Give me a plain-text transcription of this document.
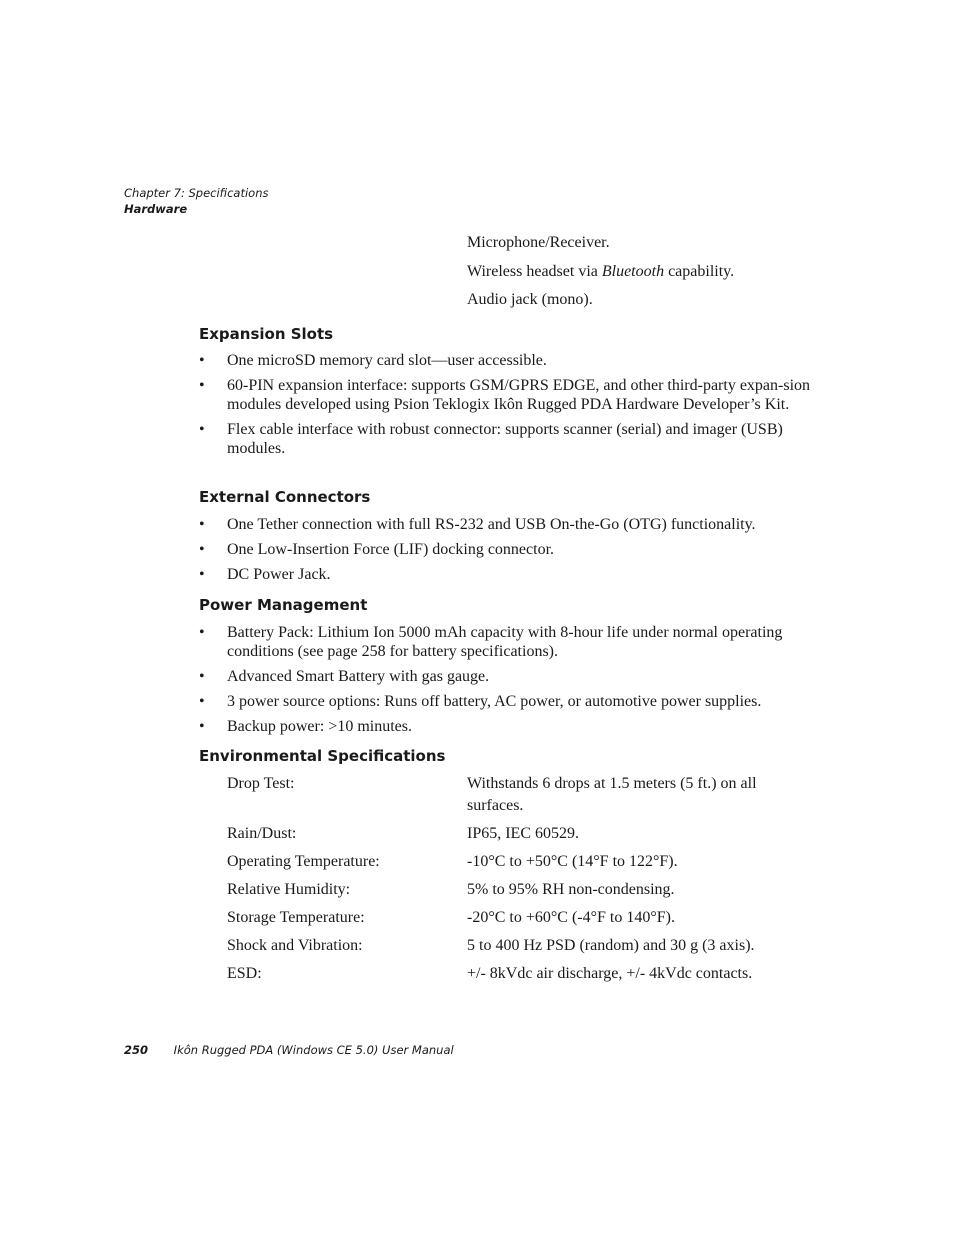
Chapter 7: Specifications
Hardware
Microphone/Receiver.
Wireless headset via Bluetooth capability.
Audio jack (mono).
Expansion Slots
• One microSD memory card slot—user accessible.
• 60-PIN expansion interface: supports GSM/GPRS EDGE, and other third-party expan-sion modules developed using Psion Teklogix Ikôn Rugged PDA Hardware Developer’s Kit.
• Flex cable interface with robust connector: supports scanner (serial) and imager (USB) modules.
External Connectors
• One Tether connection with full RS-232 and USB On-the-Go (OTG) functionality.
• One Low-Insertion Force (LIF) docking connector.
• DC Power Jack.
Power Management
• Battery Pack: Lithium Ion 5000 mAh capacity with 8-hour life under normal operating conditions (see page 258 for battery specifications).
• Advanced Smart Battery with gas gauge.
• 3 power source options: Runs off battery, AC power, or automotive power supplies.
• Backup power: >10 minutes.
Environmental Specifications
Drop Test:	Withstands 6 drops at 1.5 meters (5 ft.) on all surfaces.
Rain/Dust:	IP65, IEC 60529.
Operating Temperature:	-10°C to +50°C (14°F to 122°F).
Relative Humidity:	5% to 95% RH non-condensing.
Storage Temperature:	-20°C to +60°C (-4°F to 140°F).
Shock and Vibration:	5 to 400 Hz PSD (random) and 30 g (3 axis).
ESD:	+/- 8kVdc air discharge, +/- 4kVdc contacts.
250 Ikôn Rugged PDA (Windows CE 5.0) User Manual
